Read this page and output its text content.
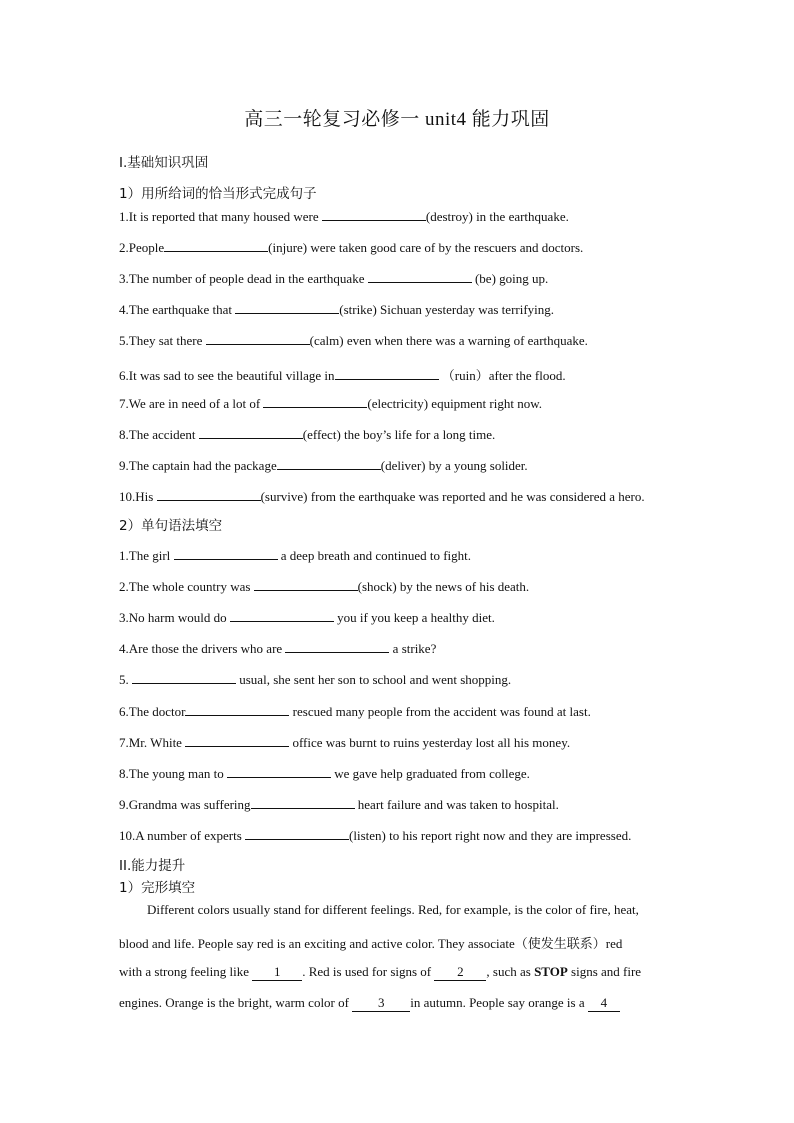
高三一轮复习必修一 unit4 能力巩固
Ⅰ.基础知识巩固
1）用所给词的恰当形式完成句子
1.It is reported that many housed were	(destroy) in the earthquake.
2.People	(injure) were taken good care of by the rescuers and doctors.
3.The number of people dead in the earthquake	(be) going up.
4.The earthquake that	(strike) Sichuan yesterday was terrifying.
5.They sat there	(calm) even when there was a warning of earthquake.
6.It was sad to see the beautiful village in	（ruin）after the flood.
7.We are in need of a lot of	(electricity) equipment right now.
8.The accident	(effect) the boy’s life for a long time.
9.The captain had the package	(deliver) by a young solider.
10.His	(survive) from the earthquake was reported and he was considered a hero.
2）单句语法填空
1.The girl	a deep breath and continued to fight.
2.The whole country was	(shock) by the news of his death.
3.No harm would do	you if you keep a healthy diet.
4.Are those the drivers who are	a strike?
5.	usual, she sent her son to school and went shopping.
6.The doctor	rescued many people from the accident was found at last.
7.Mr. White	office was burnt to ruins yesterday lost all his money.
8.The young man to	we gave help graduated from college.
9.Grandma was suffering	heart failure and was taken to hospital.
10.A number of experts	(listen) to his report right now and they are impressed.
II.能力提升
1）完形填空
Different colors usually stand for different feelings. Red, for example, is the color of fire, heat,
blood and life. People say red is an exciting and active color. They associate（使发生联系）red
with a strong feeling like 1 . Red is used for signs of 2 , such as STOP signs and fire
engines. Orange is the bright, warm color of 3 in autumn. People say orange is a 4
